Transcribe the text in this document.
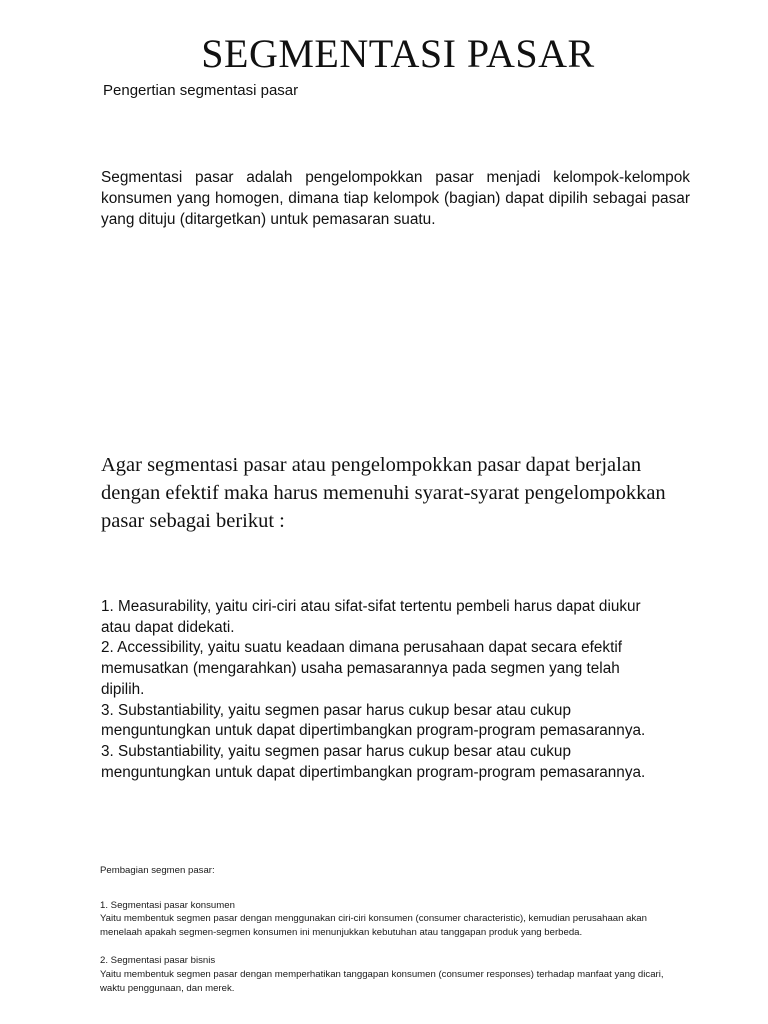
SEGMENTASI PASAR
Pengertian segmentasi pasar
Segmentasi pasar adalah pengelompokkan pasar menjadi kelompok-kelompok konsumen yang homogen, dimana tiap kelompok (bagian) dapat dipilih sebagai pasar yang dituju (ditargetkan) untuk pemasaran suatu.
Agar segmentasi pasar atau pengelompokkan pasar dapat berjalan dengan efektif maka harus memenuhi syarat-syarat pengelompokkan pasar sebagai berikut :

1. Measurability, yaitu ciri-ciri atau sifat-sifat tertentu pembeli harus dapat diukur atau dapat didekati.

2. Accessibility, yaitu suatu keadaan dimana perusahaan dapat secara efektif memusatkan (mengarahkan) usaha pemasarannya pada segmen yang telah dipilih.

3. Substantiability, yaitu segmen pasar harus cukup besar atau cukup menguntungkan untuk dapat dipertimbangkan program-program pemasarannya.

3. Substantiability, yaitu segmen pasar harus cukup besar atau cukup menguntungkan untuk dapat dipertimbangkan program-program pemasarannya.

Pembagian segmen pasar:

1. Segmentasi pasar konsumen

Yaitu membentuk segmen pasar dengan menggunakan ciri-ciri konsumen (consumer characteristic), kemudian perusahaan akan menelaah apakah segmen-segmen konsumen ini menunjukkan kebutuhan atau tanggapan produk yang berbeda.

2. Segmentasi pasar bisnis

Yaitu membentuk segmen pasar dengan memperhatikan tanggapan konsumen (consumer responses) terhadap manfaat yang dicari, waktu penggunaan, dan merek.
